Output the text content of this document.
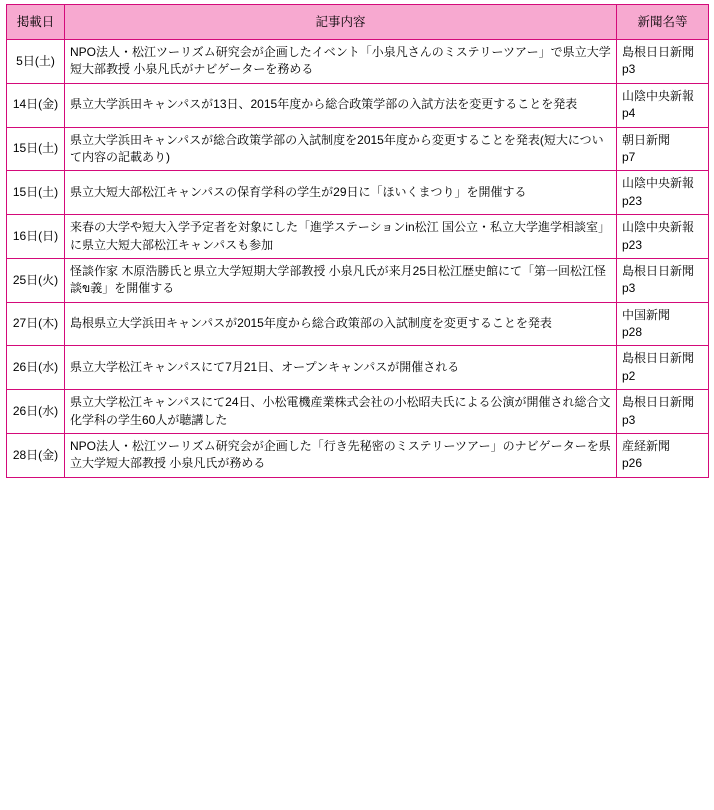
掲載日	記事内容	新聞名等
5日(土)	NPO法人・松江ツーリズム研究会が企画したイベント「小泉凡さんのミステリーツアー」で県立大学短大部教授 小泉凡氏がナビゲーターを務める	島根日日新聞
p3

14日(金)	県立大学浜田キャンパスが13日、2015年度から総合政策学部の入試方法を変更することを発表	山陰中央新報
p4

15日(土)	県立大学浜田キャンパスが総合政策学部の入試制度を2015年度から変更することを発表(短大について内容の記載あり)	朝日新聞
p7

15日(土)	県立大短大部松江キャンパスの保育学科の学生が29日に「ほいくまつり」を開催する	山陰中央新報
p23

16日(日)	来春の大学や短大入学予定者を対象にした「進学ステーションin松江 国公立・私立大学進学相談室」に県立大短大部松江キャンパスも参加	山陰中央新報
p23

25日(火)	怪談作家 木原浩勝氏と県立大学短期大学部教授 小泉凡氏が来月25日松江歴史館にて「第一回松江怪談ข義」を開催する	島根日日新聞
p3

27日(木)	島根県立大学浜田キャンパスが2015年度から総合政策部の入試制度を変更することを発表	中国新聞
p28

26日(水)	県立大学松江キャンパスにて7月21日、オープンキャンパスが開催される	島根日日新聞
p2

26日(水)	県立大学松江キャンパスにて24日、小松電機産業株式会社の小松昭夫氏による公演が開催され総合文化学科の学生60人が聴講した	島根日日新聞
p3

28日(金)	NPO法人・松江ツーリズム研究会が企画した「行き先秘密のミステリーツアー」のナビゲーターを県立大学短大部教授 小泉凡氏が務める	産経新聞
p26
